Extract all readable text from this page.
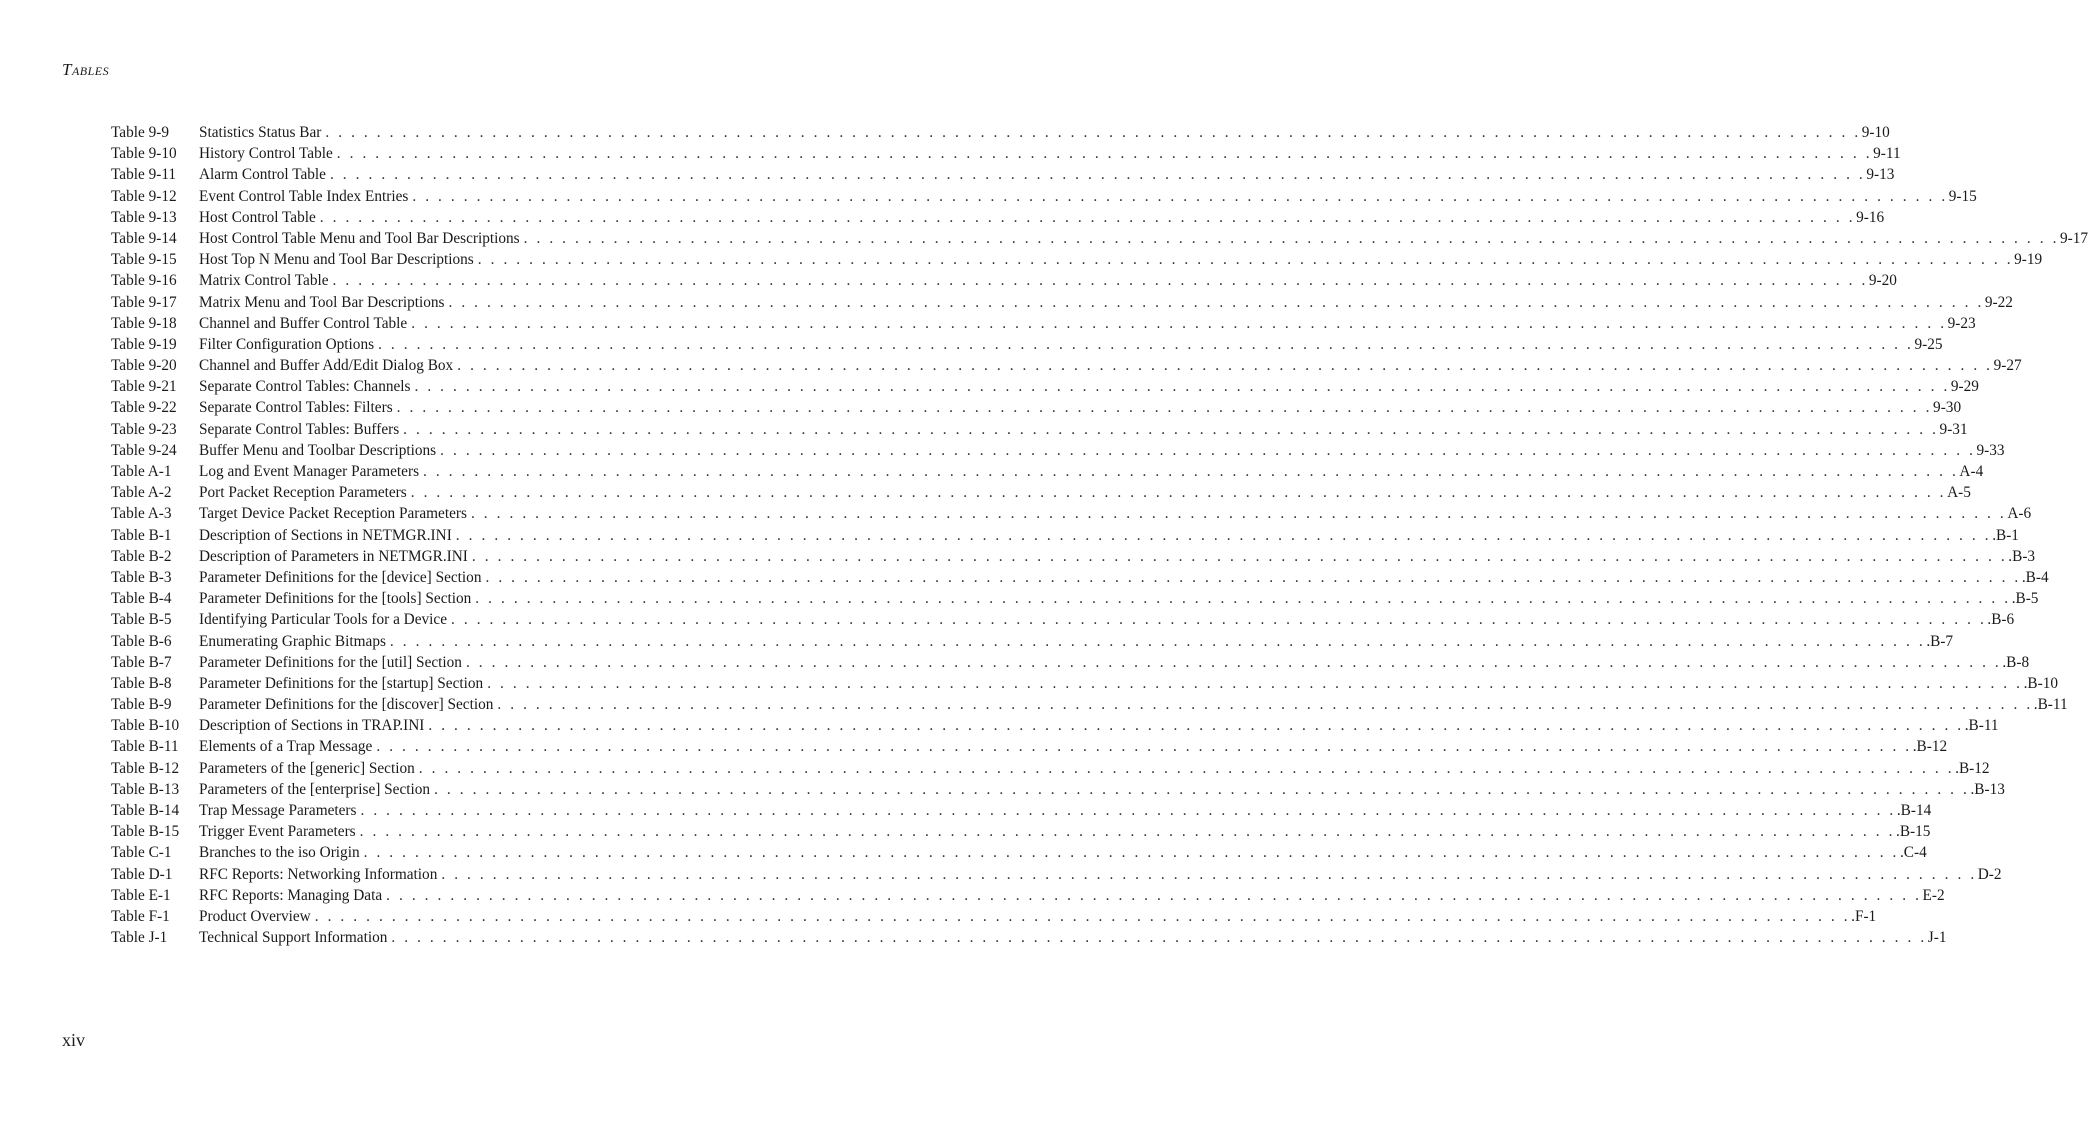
TABLES
Table 9-9	Statistics Status Bar . . . . . . . . . . . . . . . . . . . . . . . . . . . . . . . . . . . . . . . . . . . . . . . . . . . . . . . . . . . . . . . . . . . . . . . . . . . . . . . . . . . . . . . . . . . . . . . . . . . . . . . . . . . . . . . . . . . . . . . . 9-10
Table 9-10	History Control Table . . . . . . . . . . . . . . . . . . . . . . . . . . . . . . . . . . . . . . . . . . . . . . . . . . . . . . . . . . . . . . . . . . . . . . . . . . . . . . . . . . . . . . . . . . . . . . . . . . . . . . . . . . . . . . . . . . . . . . . . 9-11
Table 9-11	Alarm Control Table . . . . . . . . . . . . . . . . . . . . . . . . . . . . . . . . . . . . . . . . . . . . . . . . . . . . . . . . . . . . . . . . . . . . . . . . . . . . . . . . . . . . . . . . . . . . . . . . . . . . . . . . . . . . . . . . . . . . . . . . 9-13
Table 9-12	Event Control Table Index Entries . . . . . . . . . . . . . . . . . . . . . . . . . . . . . . . . . . . . . . . . . . . . . . . . . . . . . . . . . . . . . . . . . . . . . . . . . . . . . . . . . . . . . . . . . . . . . . . . . . . . . . . . . . . . . . . . . . . . . . . . 9-15
Table 9-13	Host Control Table . . . . . . . . . . . . . . . . . . . . . . . . . . . . . . . . . . . . . . . . . . . . . . . . . . . . . . . . . . . . . . . . . . . . . . . . . . . . . . . . . . . . . . . . . . . . . . . . . . . . . . . . . . . . . . . . . . . . . . . . 9-16
Table 9-14	Host Control Table Menu and Tool Bar Descriptions . . . . . . . . . . . . . . . . . . . . . . . . . . . . . . . . . . . . . . . . . . . . . . . . . . . . . . . . . . . . . . . . . . . . . . . . . . . . . . . . . . . . . . . . . . . . . . . . . . . . . . . . . . . . . . . . . . . . . . . . 9-17
Table 9-15	Host Top N Menu and Tool Bar Descriptions . . . . . . . . . . . . . . . . . . . . . . . . . . . . . . . . . . . . . . . . . . . . . . . . . . . . . . . . . . . . . . . . . . . . . . . . . . . . . . . . . . . . . . . . . . . . . . . . . . . . . . . . . . . . . . . . . . . . . . . . 9-19
Table 9-16	Matrix Control Table . . . . . . . . . . . . . . . . . . . . . . . . . . . . . . . . . . . . . . . . . . . . . . . . . . . . . . . . . . . . . . . . . . . . . . . . . . . . . . . . . . . . . . . . . . . . . . . . . . . . . . . . . . . . . . . . . . . . . . . . 9-20
Table 9-17	Matrix Menu and Tool Bar Descriptions . . . . . . . . . . . . . . . . . . . . . . . . . . . . . . . . . . . . . . . . . . . . . . . . . . . . . . . . . . . . . . . . . . . . . . . . . . . . . . . . . . . . . . . . . . . . . . . . . . . . . . . . . . . . . . . . . . . . . . . . 9-22
Table 9-18	Channel and Buffer Control Table . . . . . . . . . . . . . . . . . . . . . . . . . . . . . . . . . . . . . . . . . . . . . . . . . . . . . . . . . . . . . . . . . . . . . . . . . . . . . . . . . . . . . . . . . . . . . . . . . . . . . . . . . . . . . . . . . . . . . . . . 9-23
Table 9-19	Filter Configuration Options . . . . . . . . . . . . . . . . . . . . . . . . . . . . . . . . . . . . . . . . . . . . . . . . . . . . . . . . . . . . . . . . . . . . . . . . . . . . . . . . . . . . . . . . . . . . . . . . . . . . . . . . . . . . . . . . . . . . . . . . 9-25
Table 9-20	Channel and Buffer Add/Edit Dialog Box . . . . . . . . . . . . . . . . . . . . . . . . . . . . . . . . . . . . . . . . . . . . . . . . . . . . . . . . . . . . . . . . . . . . . . . . . . . . . . . . . . . . . . . . . . . . . . . . . . . . . . . . . . . . . . . . . . . . . . . . 9-27
Table 9-21	Separate Control Tables: Channels . . . . . . . . . . . . . . . . . . . . . . . . . . . . . . . . . . . . . . . . . . . . . . . . . . . . . . . . . . . . . . . . . . . . . . . . . . . . . . . . . . . . . . . . . . . . . . . . . . . . . . . . . . . . . . . . . . . . . . . . 9-29
Table 9-22	Separate Control Tables: Filters . . . . . . . . . . . . . . . . . . . . . . . . . . . . . . . . . . . . . . . . . . . . . . . . . . . . . . . . . . . . . . . . . . . . . . . . . . . . . . . . . . . . . . . . . . . . . . . . . . . . . . . . . . . . . . . . . . . . . . . . 9-30
Table 9-23	Separate Control Tables: Buffers . . . . . . . . . . . . . . . . . . . . . . . . . . . . . . . . . . . . . . . . . . . . . . . . . . . . . . . . . . . . . . . . . . . . . . . . . . . . . . . . . . . . . . . . . . . . . . . . . . . . . . . . . . . . . . . . . . . . . . . . 9-31
Table 9-24	Buffer Menu and Toolbar Descriptions . . . . . . . . . . . . . . . . . . . . . . . . . . . . . . . . . . . . . . . . . . . . . . . . . . . . . . . . . . . . . . . . . . . . . . . . . . . . . . . . . . . . . . . . . . . . . . . . . . . . . . . . . . . . . . . . . . . . . . . . 9-33
Table A-1	Log and Event Manager Parameters . . . . . . . . . . . . . . . . . . . . . . . . . . . . . . . . . . . . . . . . . . . . . . . . . . . . . . . . . . . . . . . . . . . . . . . . . . . . . . . . . . . . . . . . . . . . . . . . . . . . . . . . . . . . . . . . . . . . . . . . A-4
Table A-2	Port Packet Reception Parameters . . . . . . . . . . . . . . . . . . . . . . . . . . . . . . . . . . . . . . . . . . . . . . . . . . . . . . . . . . . . . . . . . . . . . . . . . . . . . . . . . . . . . . . . . . . . . . . . . . . . . . . . . . . . . . . . . . . . . . . . A-5
Table A-3	Target Device Packet Reception Parameters . . . . . . . . . . . . . . . . . . . . . . . . . . . . . . . . . . . . . . . . . . . . . . . . . . . . . . . . . . . . . . . . . . . . . . . . . . . . . . . . . . . . . . . . . . . . . . . . . . . . . . . . . . . . . . . . . . . . . . . . A-6
Table B-1	Description of Sections in NETMGR.INI . . . . . . . . . . . . . . . . . . . . . . . . . . . . . . . . . . . . . . . . . . . . . . . . . . . . . . . . . . . . . . . . . . . . . . . . . . . . . . . . . . . . . . . . . . . . . . . . . . . . . . . . . . . . . . . . . . . . . . . . .B-1
Table B-2	Description of Parameters in NETMGR.INI . . . . . . . . . . . . . . . . . . . . . . . . . . . . . . . . . . . . . . . . . . . . . . . . . . . . . . . . . . . . . . . . . . . . . . . . . . . . . . . . . . . . . . . . . . . . . . . . . . . . . . . . . . . . . . . . . . . . . . . . .B-3
Table B-3	Parameter Definitions for the [device] Section . . . . . . . . . . . . . . . . . . . . . . . . . . . . . . . . . . . . . . . . . . . . . . . . . . . . . . . . . . . . . . . . . . . . . . . . . . . . . . . . . . . . . . . . . . . . . . . . . . . . . . . . . . . . . . . . . . . . . . . . .B-4
Table B-4	Parameter Definitions for the [tools] Section . . . . . . . . . . . . . . . . . . . . . . . . . . . . . . . . . . . . . . . . . . . . . . . . . . . . . . . . . . . . . . . . . . . . . . . . . . . . . . . . . . . . . . . . . . . . . . . . . . . . . . . . . . . . . . . . . . . . . . . . .B-5
Table B-5	Identifying Particular Tools for a Device . . . . . . . . . . . . . . . . . . . . . . . . . . . . . . . . . . . . . . . . . . . . . . . . . . . . . . . . . . . . . . . . . . . . . . . . . . . . . . . . . . . . . . . . . . . . . . . . . . . . . . . . . . . . . . . . . . . . . . . . .B-6
Table B-6	Enumerating Graphic Bitmaps . . . . . . . . . . . . . . . . . . . . . . . . . . . . . . . . . . . . . . . . . . . . . . . . . . . . . . . . . . . . . . . . . . . . . . . . . . . . . . . . . . . . . . . . . . . . . . . . . . . . . . . . . . . . . . . . . . . . . . . . .B-7
Table B-7	Parameter Definitions for the [util] Section . . . . . . . . . . . . . . . . . . . . . . . . . . . . . . . . . . . . . . . . . . . . . . . . . . . . . . . . . . . . . . . . . . . . . . . . . . . . . . . . . . . . . . . . . . . . . . . . . . . . . . . . . . . . . . . . . . . . . . . . .B-8
Table B-8	Parameter Definitions for the [startup] Section . . . . . . . . . . . . . . . . . . . . . . . . . . . . . . . . . . . . . . . . . . . . . . . . . . . . . . . . . . . . . . . . . . . . . . . . . . . . . . . . . . . . . . . . . . . . . . . . . . . . . . . . . . . . . . . . . . . . . . . . .B-10
Table B-9	Parameter Definitions for the [discover] Section . . . . . . . . . . . . . . . . . . . . . . . . . . . . . . . . . . . . . . . . . . . . . . . . . . . . . . . . . . . . . . . . . . . . . . . . . . . . . . . . . . . . . . . . . . . . . . . . . . . . . . . . . . . . . . . . . . . . . . . . .B-11
Table B-10	Description of Sections in TRAP.INI . . . . . . . . . . . . . . . . . . . . . . . . . . . . . . . . . . . . . . . . . . . . . . . . . . . . . . . . . . . . . . . . . . . . . . . . . . . . . . . . . . . . . . . . . . . . . . . . . . . . . . . . . . . . . . . . . . . . . . . . .B-11
Table B-11	Elements of a Trap Message . . . . . . . . . . . . . . . . . . . . . . . . . . . . . . . . . . . . . . . . . . . . . . . . . . . . . . . . . . . . . . . . . . . . . . . . . . . . . . . . . . . . . . . . . . . . . . . . . . . . . . . . . . . . . . . . . . . . . . . . .B-12
Table B-12	Parameters of the [generic] Section . . . . . . . . . . . . . . . . . . . . . . . . . . . . . . . . . . . . . . . . . . . . . . . . . . . . . . . . . . . . . . . . . . . . . . . . . . . . . . . . . . . . . . . . . . . . . . . . . . . . . . . . . . . . . . . . . . . . . . . . .B-12
Table B-13	Parameters of the [enterprise] Section . . . . . . . . . . . . . . . . . . . . . . . . . . . . . . . . . . . . . . . . . . . . . . . . . . . . . . . . . . . . . . . . . . . . . . . . . . . . . . . . . . . . . . . . . . . . . . . . . . . . . . . . . . . . . . . . . . . . . . . . .B-13
Table B-14	Trap Message Parameters . . . . . . . . . . . . . . . . . . . . . . . . . . . . . . . . . . . . . . . . . . . . . . . . . . . . . . . . . . . . . . . . . . . . . . . . . . . . . . . . . . . . . . . . . . . . . . . . . . . . . . . . . . . . . . . . . . . . . . . . .B-14
Table B-15	Trigger Event Parameters . . . . . . . . . . . . . . . . . . . . . . . . . . . . . . . . . . . . . . . . . . . . . . . . . . . . . . . . . . . . . . . . . . . . . . . . . . . . . . . . . . . . . . . . . . . . . . . . . . . . . . . . . . . . . . . . . . . . . . . . .B-15
Table C-1	Branches to the iso Origin . . . . . . . . . . . . . . . . . . . . . . . . . . . . . . . . . . . . . . . . . . . . . . . . . . . . . . . . . . . . . . . . . . . . . . . . . . . . . . . . . . . . . . . . . . . . . . . . . . . . . . . . . . . . . . . . . . . . . . . . .C-4
Table D-1	RFC Reports: Networking Information . . . . . . . . . . . . . . . . . . . . . . . . . . . . . . . . . . . . . . . . . . . . . . . . . . . . . . . . . . . . . . . . . . . . . . . . . . . . . . . . . . . . . . . . . . . . . . . . . . . . . . . . . . . . . . . . . . . . . . . . D-2
Table E-1	RFC Reports: Managing Data . . . . . . . . . . . . . . . . . . . . . . . . . . . . . . . . . . . . . . . . . . . . . . . . . . . . . . . . . . . . . . . . . . . . . . . . . . . . . . . . . . . . . . . . . . . . . . . . . . . . . . . . . . . . . . . . . . . . . . . . E-2
Table F-1	Product Overview . . . . . . . . . . . . . . . . . . . . . . . . . . . . . . . . . . . . . . . . . . . . . . . . . . . . . . . . . . . . . . . . . . . . . . . . . . . . . . . . . . . . . . . . . . . . . . . . . . . . . . . . . . . . . . . . . . . . . . . . .F-1
Table J-1	Technical Support Information . . . . . . . . . . . . . . . . . . . . . . . . . . . . . . . . . . . . . . . . . . . . . . . . . . . . . . . . . . . . . . . . . . . . . . . . . . . . . . . . . . . . . . . . . . . . . . . . . . . . . . . . . . . . . . . . . . . . . . . . J-1

xiv
